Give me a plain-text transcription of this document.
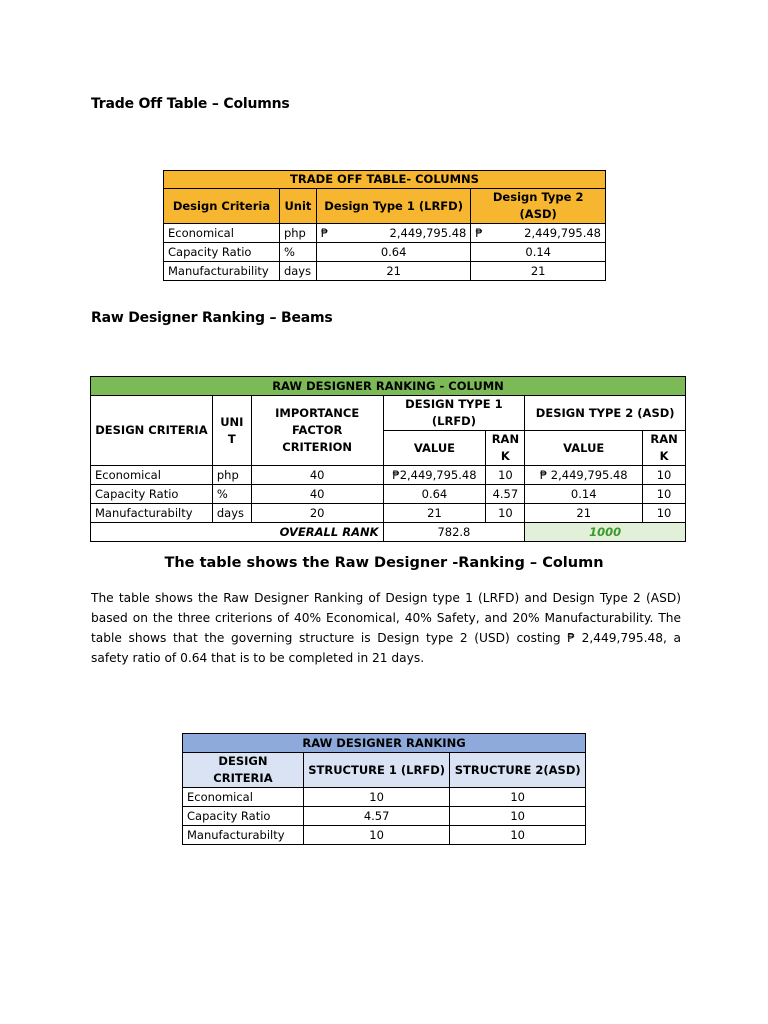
Trade Off Table – Columns
TRADE OFF TABLE- COLUMNS			
Design Criteria	Unit	Design Type 1 (LRFD)	Design Type 2 (ASD)
Economical	php	₱ 2,449,795.48	₱ 2,449,795.48

Capacity Ratio	%	0.64	0.14
Manufacturability	days	21	21
Raw Designer Ranking – Beams
RAW DESIGNER RANKING - COLUMN						
DESIGN CRITERIA	UNI T	IMPORTANCE FACTOR CRITERION	DESIGN TYPE 1 (LRFD)		DESIGN TYPE 2 (ASD)	
			VALUE	RAN K	VALUE	RAN K
Economical	php	40	₱2,449,795.48	10	₱ 2,449,795.48	10
Capacity Ratio	%	40	0.64	4.57	0.14	10
Manufacturabilty	days	20	21	10	21	10
OVERALL RANK			782.8		1000	
The table shows the Raw Designer -Ranking – Column

The table shows the Raw Designer Ranking of Design type 1 (LRFD) and Design Type 2 (ASD) based on the three criterions of 40% Economical, 40% Safety, and 20% Manufacturability. The table shows that the governing structure is Design type 2 (USD) costing ₱ 2,449,795.48, a safety ratio of 0.64 that is to be completed in 21 days.

RAW DESIGNER RANKING		
DESIGN CRITERIA	STRUCTURE 1 (LRFD)	STRUCTURE 2(ASD)
Economical	10	10
Capacity Ratio	4.57	10
Manufacturabilty	10	10
